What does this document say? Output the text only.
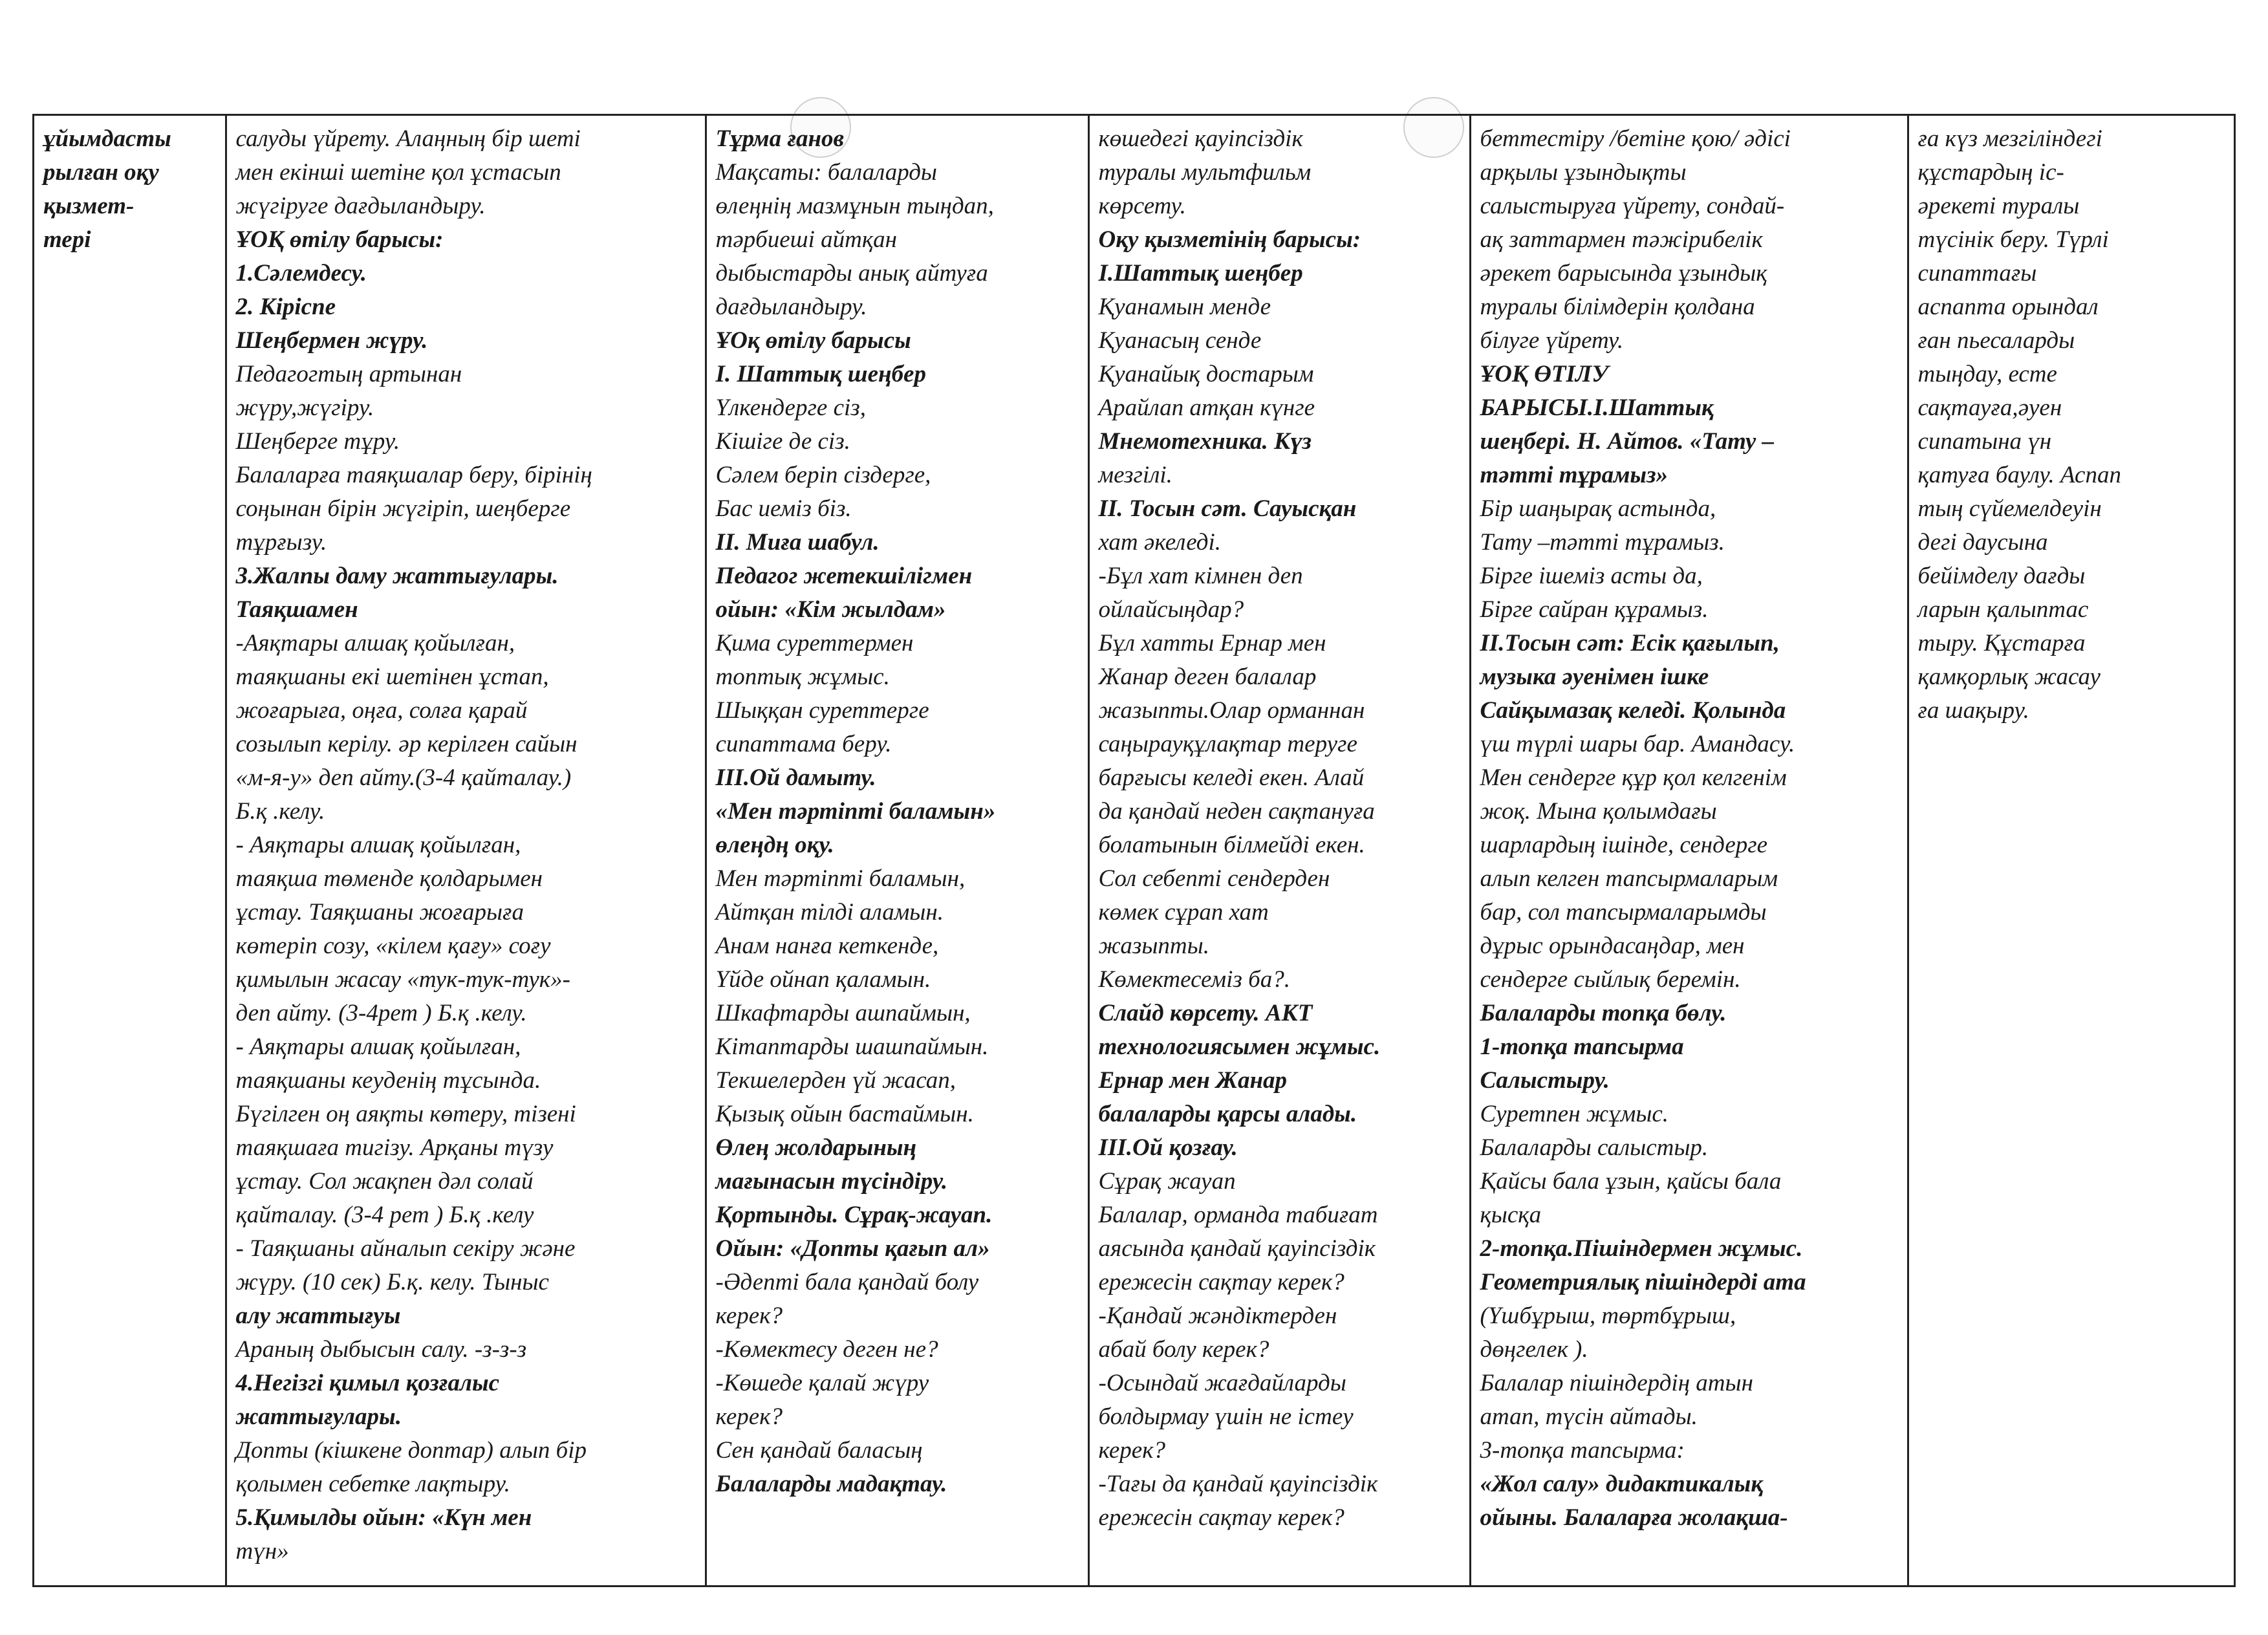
ұйымдасты
рылған оқу
қызмет-
тері

салуды үйрету. Алаңның бір шеті
мен екінші шетіне қол ұстасып
жүгіруге дағдыландыру.
ҰОҚ өтілу барысы:
1.Сәлемдесу.
2. Кіріспе
Шеңбермен жүру.
Педагогтың артынан
жүру,жүгіру.
Шеңберге тұру.
Балаларға таяқшалар беру, бірінің
соңынан бірін жүгіріп, шеңберге
тұрғызу.
3.Жалпы даму жаттығулары.
Таяқшамен
-Аяқтары алшақ қойылған,
таяқшаны екі шетінен ұстап,
жоғарыға, оңға, солға қарай
созылып керілу. әр керілген сайын
«м-я-у» деп айту.(3-4 қайталау.)
Б.қ .келу.
- Аяқтары алшақ қойылған,
таяқша төменде қолдарымен
ұстау. Таяқшаны жоғарыға
көтеріп созу, «кілем қағу» соғу
қимылын жасау «тук-тук-тук»-
деп айту. (3-4рет ) Б.қ .келу.
- Аяқтары алшақ қойылған,
таяқшаны кеуденің тұсында.
Бүгілген оң аяқты көтеру, тізені
таяқшаға тигізу. Арқаны түзу
ұстау. Сол жақпен дәл солай
қайталау. (3-4 рет ) Б.қ .келу
- Таяқшаны айналып секіру және
жүру. (10 сек) Б.қ. келу. Тыныс
алу жаттығуы
Араның дыбысын салу. -з-з-з
4.Негізгі қимыл қозғалыс
жаттығулары.
Допты (кішкене доптар) алып бір
қолымен себетке лақтыру.
5.Қимылды ойын: «Күн мен
түн»

Тұрма ғанов
Мақсаты: балаларды
өлеңнің мазмұнын тыңдап,
тәрбиеші айтқан
дыбыстарды анық айтуға
дағдыландыру.
ҰОқ өтілу барысы
І. Шаттық шеңбер
Үлкендерге сіз,
Кішіге де сіз.
Сәлем беріп сіздерге,
Бас иеміз біз.
ІІ. Миға шабул.
Педагог жетекшілігмен
ойын: «Кім жылдам»
Қима суреттермен
топтық жұмыс.
Шыққан суреттерге
сипаттама беру.
ІІІ.Ой дамыту.
«Мен тәртіпті баламын»
өлеңдң оқу.
Мен тәртіпті баламын,
Айтқан тілді аламын.
Анам нанға кеткенде,
Үйде ойнап қаламын.
Шкафтарды ашпаймын,
Кітаптарды шашпаймын.
Текшелерден үй жасап,
Қызық ойын бастаймын.
Өлең жолдарының
мағынасын түсіндіру.
Қортынды. Сұрақ-жауап.
Ойын: «Допты қағып ал»
-Әдепті бала қандай болу
керек?
-Көмектесу деген не?
-Көшеде қалай жүру
керек?
Сен қандай баласың
Балаларды мадақтау.

көшедегі қауіпсіздік
туралы мультфильм
көрсету.
Оқу қызметінің барысы:
І.Шаттық шеңбер
Қуанамын менде
Қуанасың сенде
Қуанайық достарым
Арайлап атқан күнге
Мнемотехника. Күз
мезгілі.
ІІ. Тосын сәт. Сауысқан
хат әкеледі.
-Бұл хат кімнен деп
ойлайсыңдар?
Бұл хатты Ернар мен
Жанар деген балалар
жазыпты.Олар орманнан
саңырауқұлақтар теруге
барғысы келеді екен. Алай
да қандай неден сақтануға
болатынын білмейді екен.
Сол себепті сендерден
көмек сұрап хат
жазыпты.
Көмектесеміз ба?.
Слайд көрсету. АКТ
технологиясымен жұмыс.
Ернар мен Жанар
балаларды қарсы алады.
ІІІ.Ой қозғау.
Сұрақ жауап
Балалар, орманда табиғат
аясында қандай қауіпсіздік
ережесін сақтау керек?
-Қандай жәндіктерден
абай болу керек?
-Осындай жағдайларды
болдырмау үшін не істеу
керек?
-Тағы да қандай қауіпсіздік
ережесін сақтау керек?

беттестіру /бетіне қою/ әдісі
арқылы ұзындықты
салыстыруға үйрету, сондай-
ақ заттармен тәжірибелік
әрекет барысында ұзындық
туралы білімдерін қолдана
білуге үйрету.
ҰОҚ ӨТІЛУ
БАРЫСЫ.І.Шаттық
шеңбері. Н. Айтов. «Тату –
тәтті тұрамыз»
Бір шаңырақ астында,
Тату –тәтті тұрамыз.
Бірге ішеміз асты да,
Бірге сайран құрамыз.
ІІ.Тосын сәт: Есік қағылып,
музыка әуенімен ішке
Сайқымазақ келеді. Қолында
үш түрлі шары бар. Амандасу.
Мен сендерге құр қол келгенім
жоқ. Мына қолымдағы
шарлардың ішінде, сендерге
алып келген тапсырмаларым
бар, сол тапсырмаларымды
дұрыс орындасаңдар, мен
сендерге сыйлық беремін.
Балаларды топқа бөлу.
1-топқа тапсырма
Салыстыру.
Суретпен жұмыс.
Балаларды салыстыр.
Қайсы бала ұзын, қайсы бала
қысқа
2-топқа.Пішіндермен жұмыс.
Геометриялық пішіндерді ата
(Үшбұрыш, төртбұрыш,
дөңгелек ).
Балалар пішіндердің атын
атап, түсін айтады.
3-топқа тапсырма:
«Жол салу» дидактикалық
ойыны. Балаларға жолақша-

ға күз мезгіліндегі
құстардың іс-
әрекеті туралы
түсінік беру. Түрлі
сипаттағы
аспапта орындал
ған пьесаларды
тыңдау, есте
сақтауға,әуен
сипатына үн
қатуға баулу. Аспап
тың сүйемелдеуін
дегі даусына
бейімделу дағды
ларын қалыптас
тыру. Құстарға
қамқорлық жасау
ға шақыру.
